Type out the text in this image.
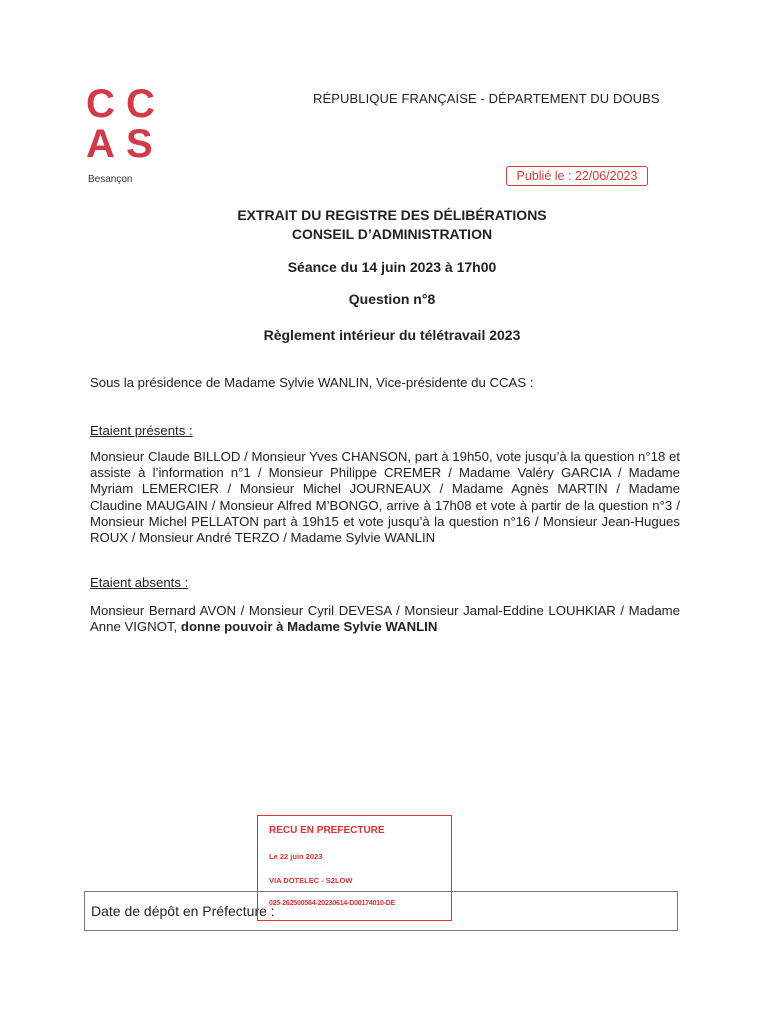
C C
A S
Besançon
RÉPUBLIQUE FRANÇAISE - DÉPARTEMENT DU DOUBS
Publié le : 22/06/2023
EXTRAIT DU REGISTRE DES DÉLIBÉRATIONS
CONSEIL D’ADMINISTRATION
Séance du 14 juin 2023 à 17h00
Question n°8
Règlement intérieur du télétravail 2023
Sous la présidence de Madame Sylvie WANLIN, Vice-présidente du CCAS :
Etaient présents :
Monsieur Claude BILLOD / Monsieur Yves CHANSON, part à 19h50, vote jusqu’à la question n°18 et assiste à l’information n°1 / Monsieur Philippe CREMER / Madame Valéry GARCIA / Madame Myriam LEMERCIER / Monsieur Michel JOURNEAUX / Madame Agnès MARTIN / Madame Claudine MAUGAIN / Monsieur Alfred M’BONGO, arrive à 17h08 et vote à partir de la question n°3 / Monsieur Michel PELLATON part à 19h15 et vote jusqu’à la question n°16 / Monsieur Jean-Hugues ROUX / Monsieur André TERZO / Madame Sylvie WANLIN
Etaient absents :
Monsieur Bernard AVON / Monsieur Cyril DEVESA / Monsieur Jamal-Eddine LOUHKIAR / Madame Anne VIGNOT, donne pouvoir à Madame Sylvie WANLIN
Date de dépôt en Préfecture :
RECU EN PREFECTURE
Le 22 juin 2023
VIA DOTELEC - S2LOW
025-262500564-20230614-D00174010-DE
